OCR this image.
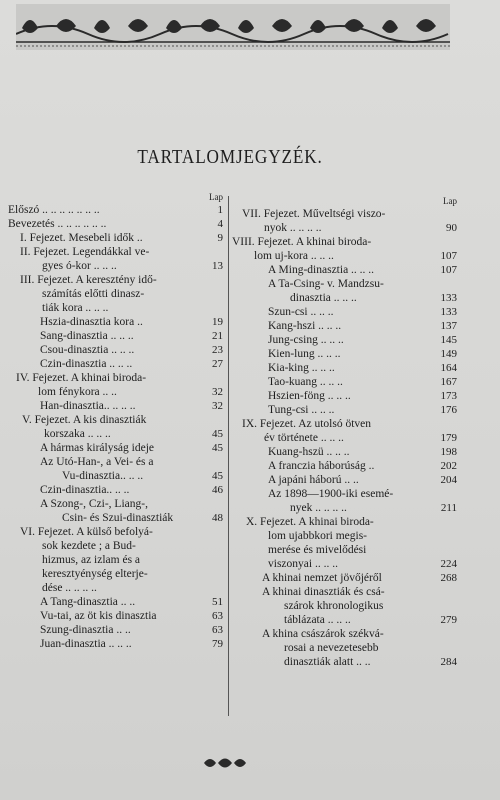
TARTALOMJEGYZÉK.
Lap
Előszó .. .. .. .. .. .. ..	1
Bevezetés .. .. .. .. .. ..	4
I. Fejezet. Mesebeli idők ..	9
II. Fejezet. Legendákkal ve-
gyes ó-kor .. .. ..	13
III. Fejezet. A keresztény idő-
számítás előtti dinasz-
tiák kora .. .. ..
Hszia-dinasztia kora ..	19
Sang-dinasztia .. .. ..	21
Csou-dinasztia .. .. ..	23
Czin-dinasztia .. .. ..	27
IV. Fejezet. A khinai biroda-
lom fénykora .. ..	32
Han-dinasztia.. .. .. ..	32
V. Fejezet. A kis dinasztiák
korszaka .. .. ..	45
A hármas királyság ideje	45
Az Utó-Han-, a Vei- és a
Vu-dinasztia.. .. ..	45
Czin-dinasztia.. .. ..	46
A Szong-, Czi-, Liang-,
Csin- és Szui-dinasztiák	48
VI. Fejezet. A külső befolyá-
sok kezdete ; a Bud-
hizmus, az izlam és a
keresztyénység elterje-
dése .. .. .. ..
A Tang-dinasztia .. ..	51
Vu-tai, az öt kis dinasztia	63
Szung-dinasztia .. ..	63
Juan-dinasztia .. .. ..	79
Lap
VII. Fejezet. Műveltségi viszo-
nyok .. .. .. ..	90
VIII. Fejezet. A khinai biroda-
lom uj-kora .. .. ..	107
A Ming-dinasztia .. .. ..	107
A Ta-Csing- v. Mandzsu-
dinasztia .. .. ..	133
Szun-csi .. .. ..	133
Kang-hszi .. .. ..	137
Jung-csing .. .. ..	145
Kien-lung .. .. ..	149
Kia-king .. .. ..	164
Tao-kuang .. .. ..	167
Hszien-föng .. .. ..	173
Tung-csi .. .. ..	176
IX. Fejezet. Az utolsó ötven
év története .. .. ..	179
Kuang-hszü .. .. ..	198
A franczia háborúság ..	202
A japáni háború .. ..	204
Az 1898—1900-iki esemé-
nyek .. .. .. ..	211
X. Fejezet. A khinai biroda-
lom ujabbkori megis-
merése és mivelődési
viszonyai .. .. ..	224
A khinai nemzet jövőjéről	268
A khinai dinasztiák és csá-
szárok khronologikus
táblázata .. .. ..	279
A khina császárok székvá-
rosai a nevezetesebb
dinasztiák alatt .. ..	284
